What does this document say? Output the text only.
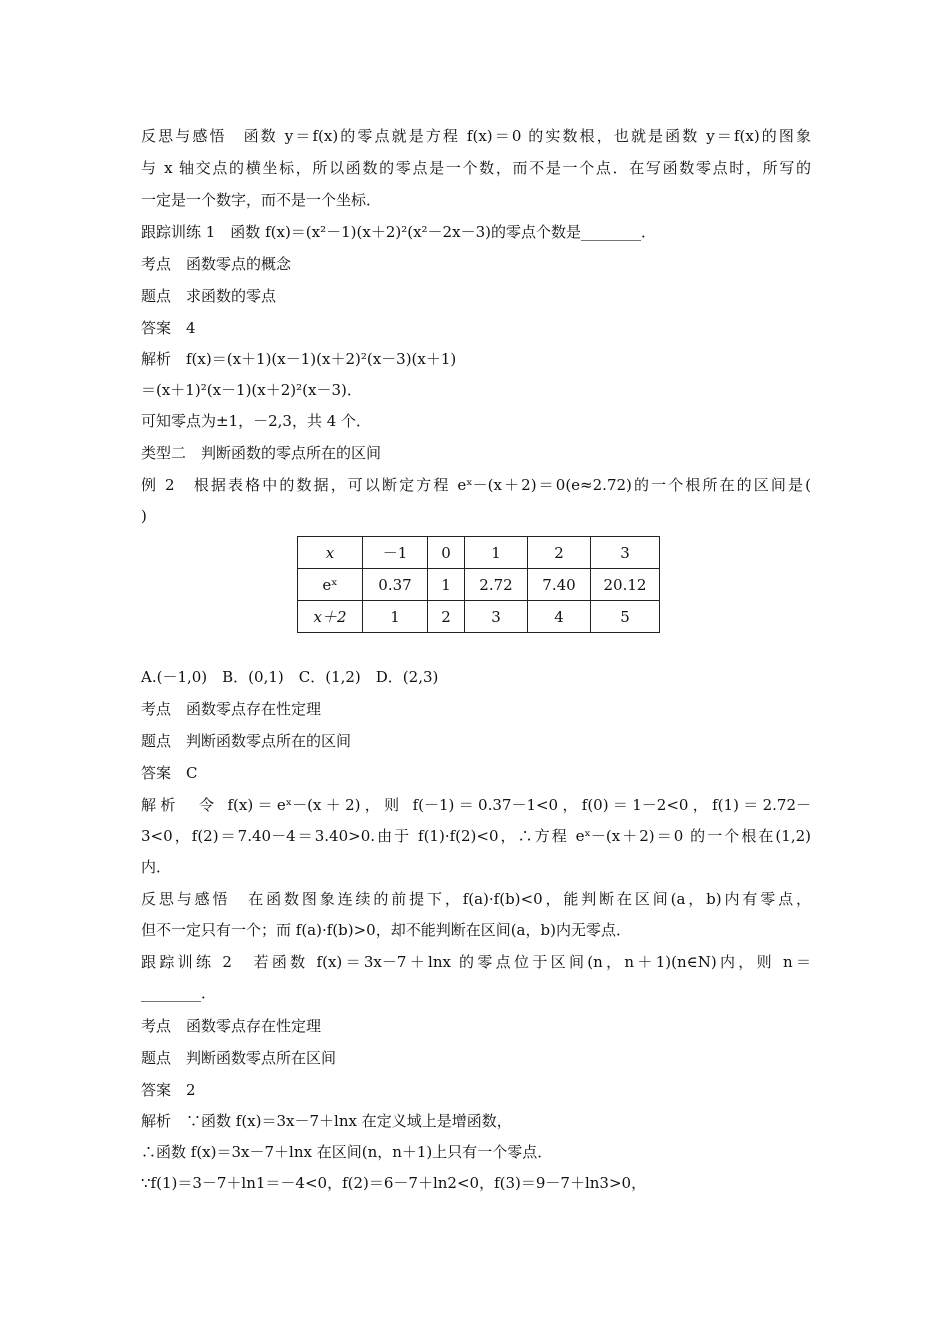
反思与感悟　函数 y＝f(x)的零点就是方程 f(x)＝0 的实数根，也就是函数 y＝f(x)的图象
与 x 轴交点的横坐标，所以函数的零点是一个数，而不是一个点．在写函数零点时，所写的
一定是一个数字，而不是一个坐标．
跟踪训练 1　函数 f(x)＝(x²－1)(x＋2)²(x²－2x－3)的零点个数是________．
考点　函数零点的概念
题点　求函数的零点
答案　4
解析　f(x)＝(x＋1)(x－1)(x＋2)²(x－3)(x＋1)
＝(x＋1)²(x－1)(x＋2)²(x－3)．
可知零点为±1，－2,3，共 4 个．
类型二　判断函数的零点所在的区间
例 2　根据表格中的数据，可以断定方程 eˣ－(x＋2)＝0(e≈2.72)的一个根所在的区间是(
)
x	－1	0	1	2	3
eˣ	0.37	1	2.72	7.40	20.12
x＋2	1	2	3	4	5
A.(－1,0)　B．(0,1)　C．(1,2)　D．(2,3)
考点　函数零点存在性定理
题点　判断函数零点所在的区间
答案　C
解析　令 f(x)＝eˣ－(x＋2)，则 f(－1)＝0.37－1<0，f(0)＝1－2<0，f(1)＝2.72－
3<0，f(2)＝7.40－4＝3.40>0.由于 f(1)·f(2)<0，∴方程 eˣ－(x＋2)＝0 的一个根在(1,2)
内．
反思与感悟　在函数图象连续的前提下，f(a)·f(b)<0，能判断在区间(a，b)内有零点，
但不一定只有一个；而 f(a)·f(b)>0，却不能判断在区间(a，b)内无零点．
跟踪训练 2　若函数 f(x)＝3x－7＋lnx 的零点位于区间(n，n＋1)(n∈N)内，则 n＝
________．
考点　函数零点存在性定理
题点　判断函数零点所在区间
答案　2
解析　∵函数 f(x)＝3x－7＋lnx 在定义域上是增函数，
∴函数 f(x)＝3x－7＋lnx 在区间(n，n＋1)上只有一个零点．
∵f(1)＝3－7＋ln1＝－4<0，f(2)＝6－7＋ln2<0，f(3)＝9－7＋ln3>0，
